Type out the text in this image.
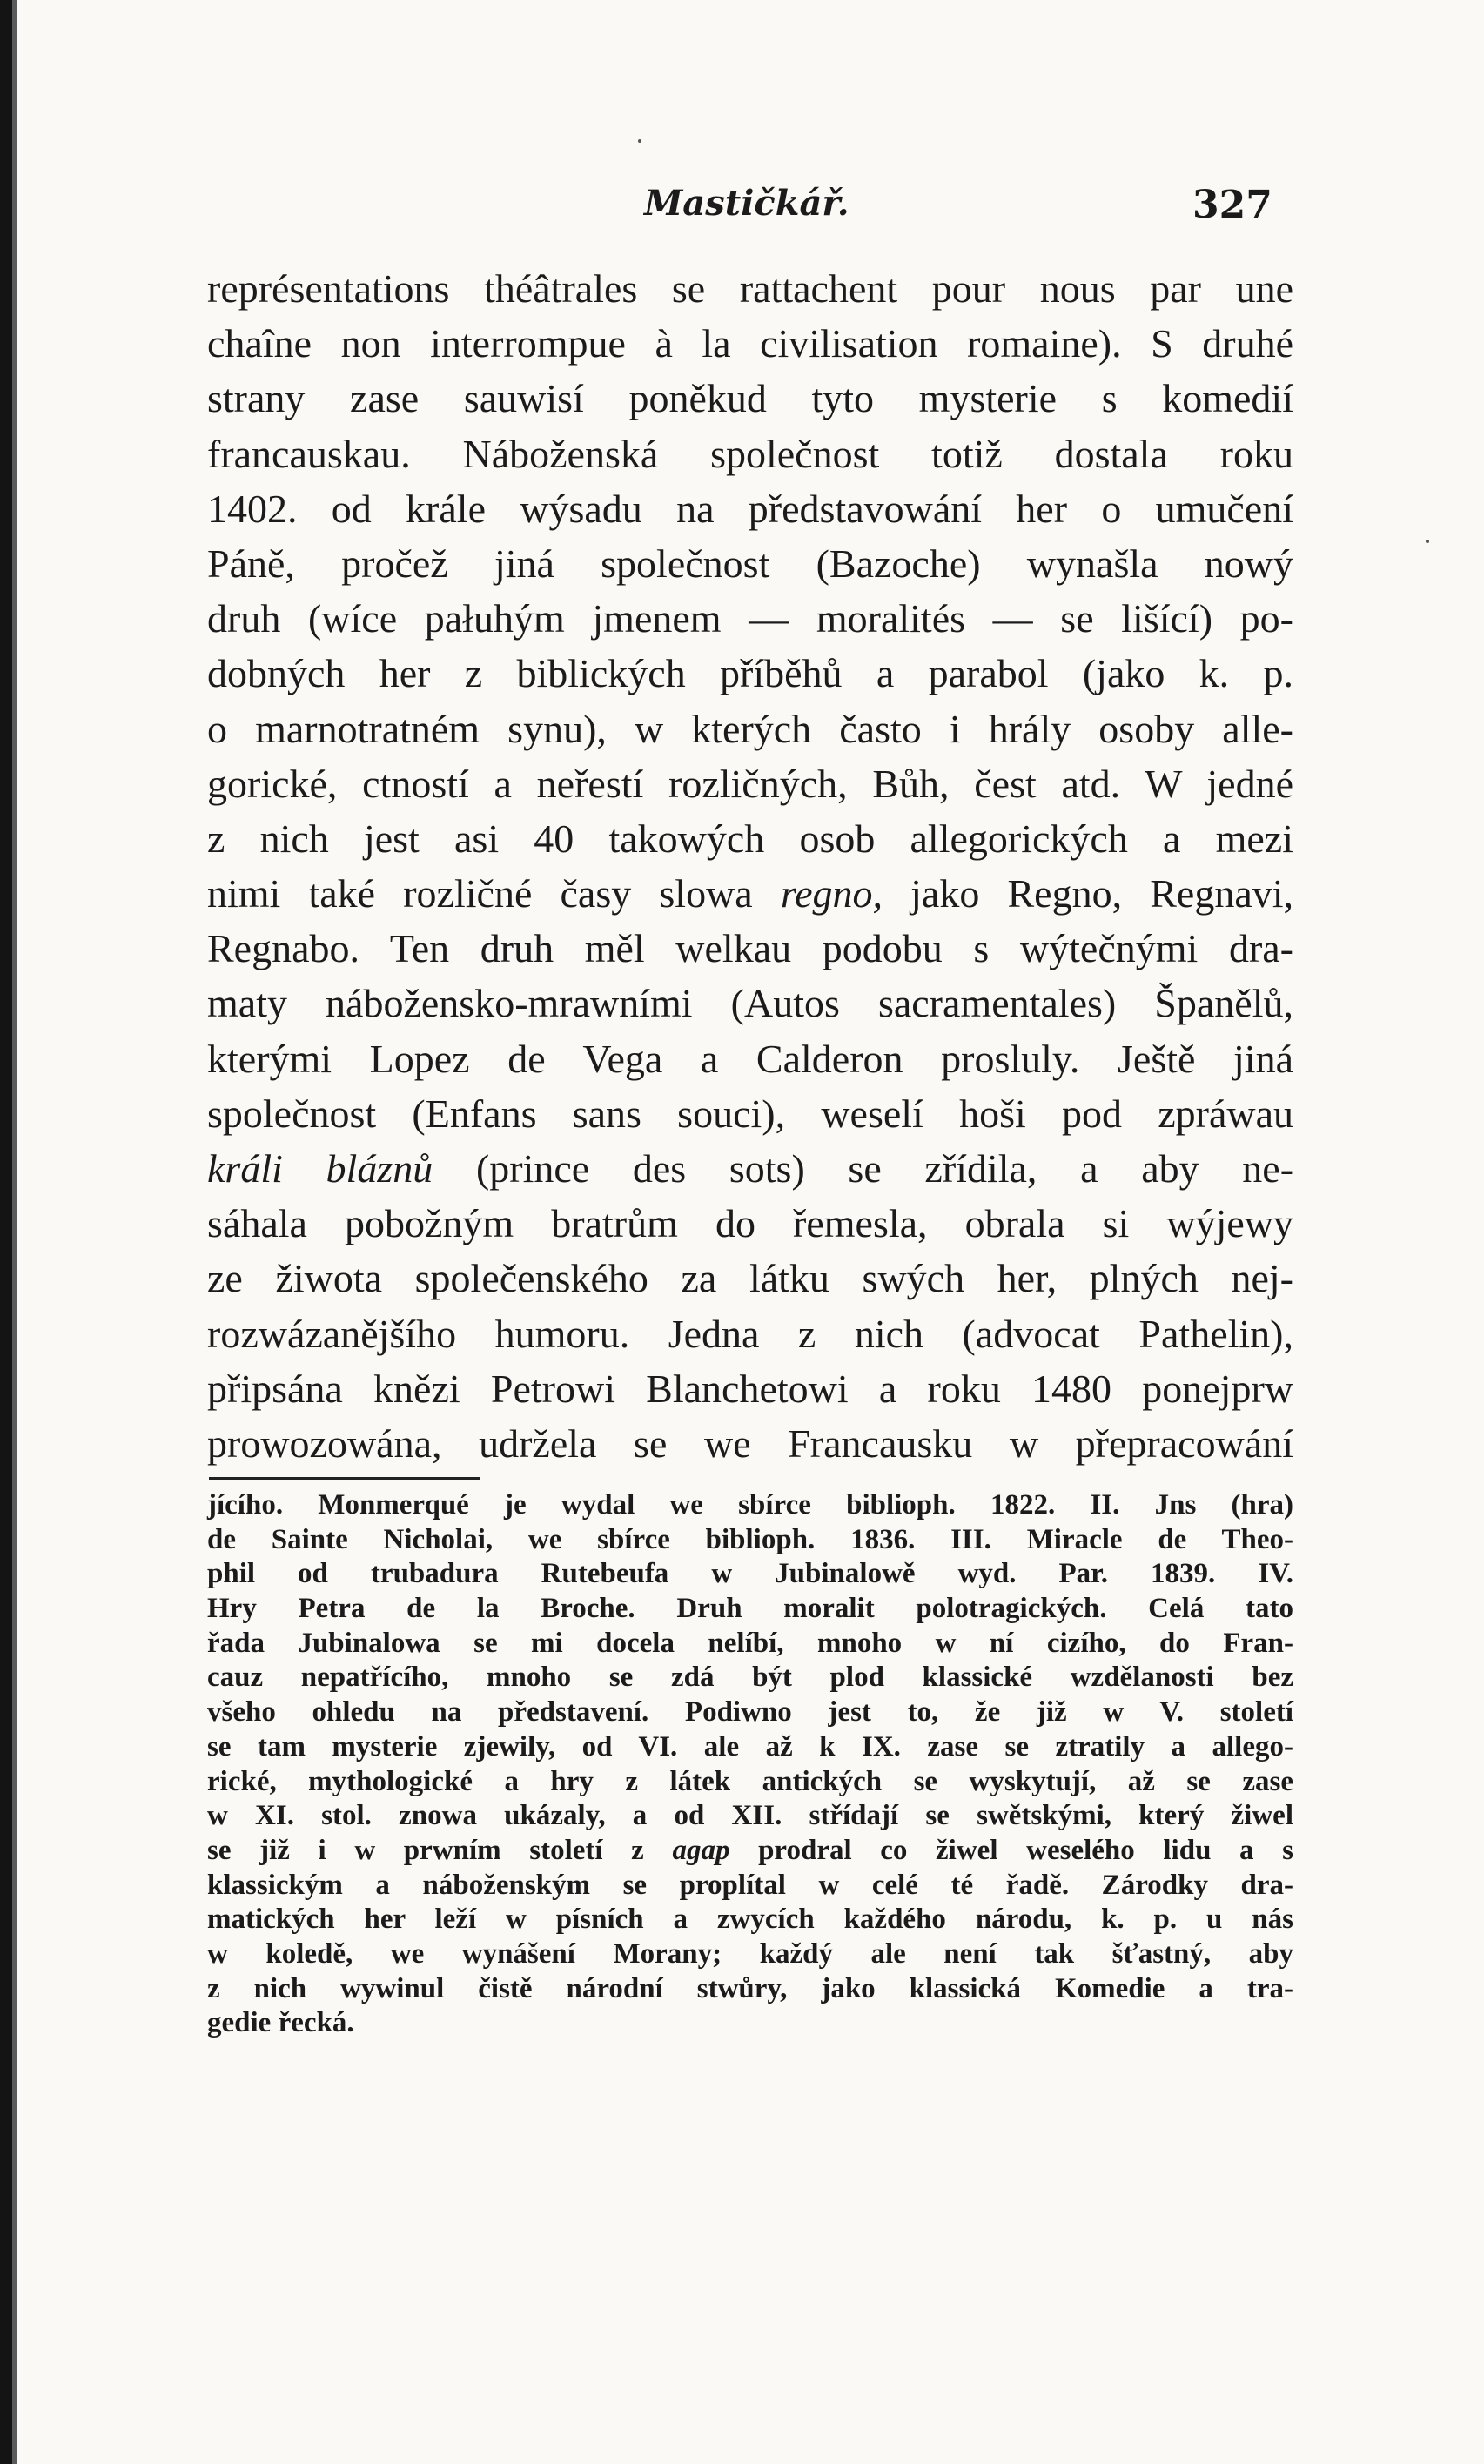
Mastičkář.	327
représentations théâtrales se rattachent pour nous par une
chaîne non interrompue à la civilisation romaine). S druhé
strany zase sauwisí poněkud tyto mysterie s komedií
francauskau. Náboženská společnost totiž dostala roku
1402. od krále wýsadu na představowání her o umučení
Páně, pročež jiná společnost (Bazoche) wynašla nowý
druh (wíce pałuhým jmenem — moralités — se lišící) po-
dobných her z biblických příběhů a parabol (jako k. p.
o marnotratném synu), w kterých často i hrály osoby alle-
gorické, ctností a neřestí rozličných, Bůh, čest atd. W jedné
z nich jest asi 40 takowých osob allegorických a mezi
nimi také rozličné časy slowa regno, jako Regno, Regnavi,
Regnabo. Ten druh měl welkau podobu s wýtečnými dra-
maty nábožensko-mrawními (Autos sacramentales) Španělů,
kterými Lopez de Vega a Calderon prosluly. Ještě jiná
společnost (Enfans sans souci), weselí hoši pod zpráwau
králi bláznů (prince des sots) se zřídila, a aby ne-
sáhala pobožným bratrům do řemesla, obrala si wýjewy
ze žiwota společenského za látku swých her, plných nej-
rozwázanějšího humoru. Jedna z nich (advocat Pathelin),
připsána knězi Petrowi Blanchetowi a roku 1480 ponejprw
prowozowána, udržela se we Francausku w přepracowání
jícího. Monmerqué je wydal we sbírce biblioph. 1822. II. Jns (hra)
de Sainte Nicholai, we sbírce biblioph. 1836. III. Miracle de Theo-
phil od trubadura Rutebeufa w Jubinalowě wyd. Par. 1839. IV.
Hry Petra de la Broche. Druh moralit polotragických. Celá tato
řada Jubinalowa se mi docela nelíbí, mnoho w ní cizího, do Fran-
cauz nepatřícího, mnoho se zdá být plod klassické wzdělanosti bez
všeho ohledu na představení. Podiwno jest to, že již w V. století
se tam mysterie zjewily, od VI. ale až k IX. zase se ztratily a allego-
rické, mythologické a hry z látek antických se wyskytují, až se zase
w XI. stol. znowa ukázaly, a od XII. střídají se swětskými, který žiwel
se již i w prwním století z agap prodral co žiwel weselého lidu a s
klassickým a náboženským se proplítal w celé té řadě. Zárodky dra-
matických her leží w písních a zwycích každého národu, k. p. u nás
w koledě, we wynášení Morany; každý ale není tak šťastný, aby
z nich wywinul čistě národní stwůry, jako klassická Komedie a tra-
gedie řecká.
